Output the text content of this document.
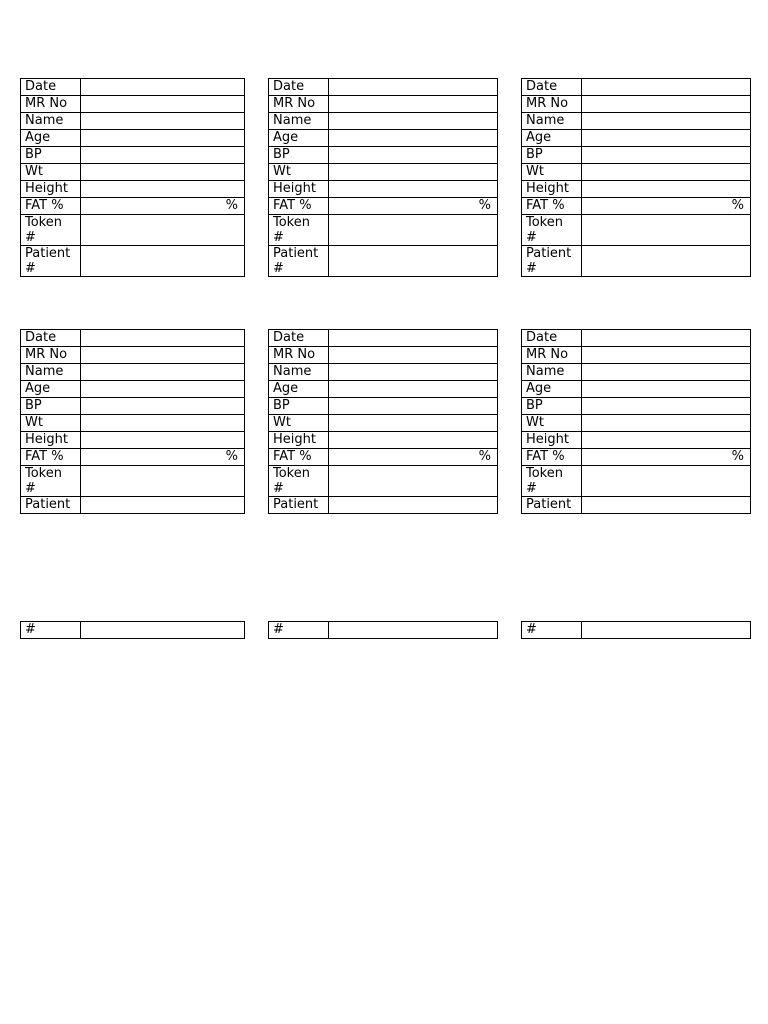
Date	
MR No	
Name	
Age	
BP	
Wt	
Height	
FAT %	%
Token #	
Patient #	
Date	
MR No	
Name	
Age	
BP	
Wt	
Height	
FAT %	%
Token #	
Patient #	
Date	
MR No	
Name	
Age	
BP	
Wt	
Height	
FAT %	%
Token #	
Patient #	
Date	
MR No	
Name	
Age	
BP	
Wt	
Height	
FAT %	%
Token #	
Patient	
Date	
MR No	
Name	
Age	
BP	
Wt	
Height	
FAT %	%
Token #	
Patient	
Date	
MR No	
Name	
Age	
BP	
Wt	
Height	
FAT %	%
Token #	
Patient	
#		#		#	
